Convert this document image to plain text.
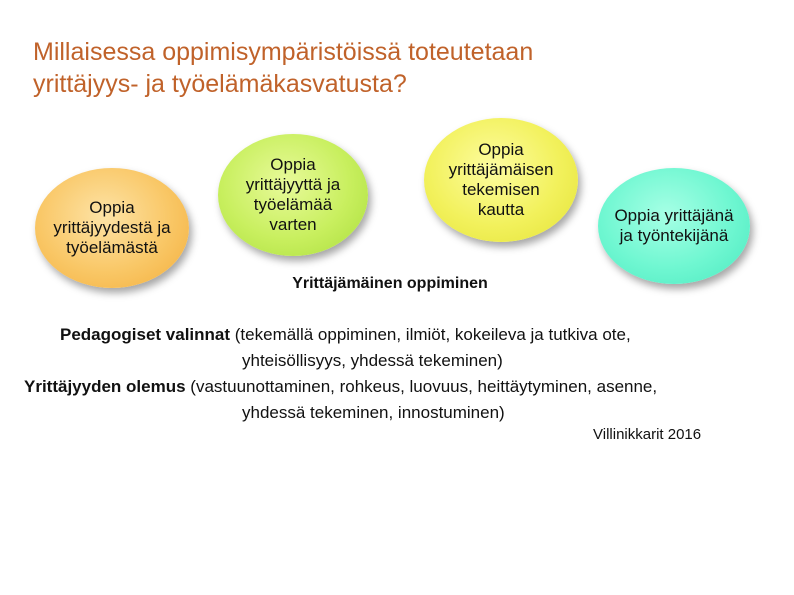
Millaisessa oppimisympäristöissä toteutetaan
yrittäjyys- ja työelämäkasvatusta?
Oppia
yrittäjyydestä ja
työelämästä
Oppia
yrittäjyyttä ja
työelämää
varten
Oppia
yrittäjämäisen
tekemisen
kautta	Oppia yrittäjänä
ja työntekijänä
Yrittäjämäinen oppiminen
Pedagogiset valinnat (tekemällä oppiminen, ilmiöt, kokeileva ja tutkiva ote,
yhteisöllisyys, yhdessä tekeminen)
Yrittäjyyden olemus (vastuunottaminen, rohkeus, luovuus, heittäytyminen, asenne,
yhdessä tekeminen, innostuminen)
Villinikkarit 2016
